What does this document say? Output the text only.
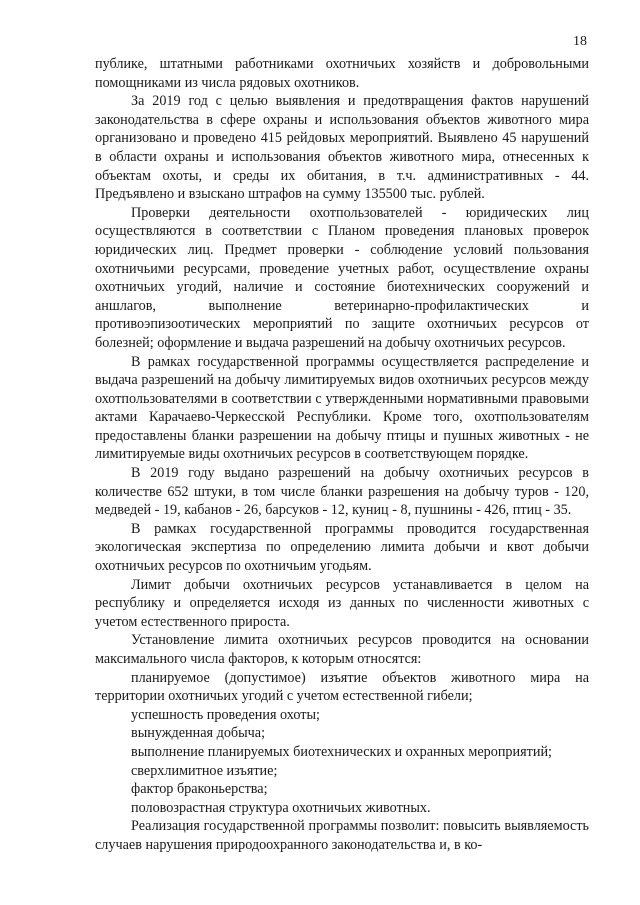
18

публике, штатными работниками охотничьих хозяйств и добровольными помощниками из числа рядовых охотников.

За 2019 год с целью выявления и предотвращения фактов нарушений законодательства в сфере охраны и использования объектов животного мира организовано и проведено 415 рейдовых мероприятий. Выявлено 45 нарушений в области охраны и использования объектов животного мира, отнесенных к объектам охоты, и среды их обитания, в т.ч. административных - 44. Предъявлено и взыскано штрафов на сумму 135500 тыс. рублей.

Проверки деятельности охотпользователей - юридических лиц осуществляются в соответствии с Планом проведения плановых проверок юридических лиц. Предмет проверки - соблюдение условий пользования охотничьими ресурсами, проведение учетных работ, осуществление охраны охотничьих угодий, наличие и состояние биотехнических сооружений и аншлагов, выполнение ветеринарно-профилактических и противоэпизоотических мероприятий по защите охотничьих ресурсов от болезней; оформление и выдача разрешений на добычу охотничьих ресурсов.

В рамках государственной программы осуществляется распределение и выдача разрешений на добычу лимитируемых видов охотничьих ресурсов между охотпользователями в соответствии с утвержденными нормативными правовыми актами Карачаево-Черкесской Республики. Кроме того, охотпользователям предоставлены бланки разрешении на добычу птицы и пушных животных - не лимитируемые виды охотничьих ресурсов в соответствующем порядке.

В 2019 году выдано разрешений на добычу охотничьих ресурсов в количестве 652 штуки, в том числе бланки разрешения на добычу туров - 120, медведей - 19, кабанов - 26, барсуков - 12, куниц - 8, пушнины - 426, птиц - 35.

В рамках государственной программы проводится государственная экологическая экспертиза по определению лимита добычи и квот добычи охотничьих ресурсов по охотничьим угодьям.

Лимит добычи охотничьих ресурсов устанавливается в целом на республику и определяется исходя из данных по численности животных с учетом естественного прироста.

Установление лимита охотничьих ресурсов проводится на основании максимального числа факторов, к которым относятся:

планируемое (допустимое) изъятие объектов животного мира на территории охотничьих угодий с учетом естественной гибели;
успешность проведения охоты;
вынужденная добыча;
выполнение планируемых биотехнических и охранных мероприятий;
сверхлимитное изъятие;
фактор браконьерства;
половозрастная структура охотничьих животных.

Реализация государственной программы позволит: повысить выявляемость случаев нарушения природоохранного законодательства и, в ко-
